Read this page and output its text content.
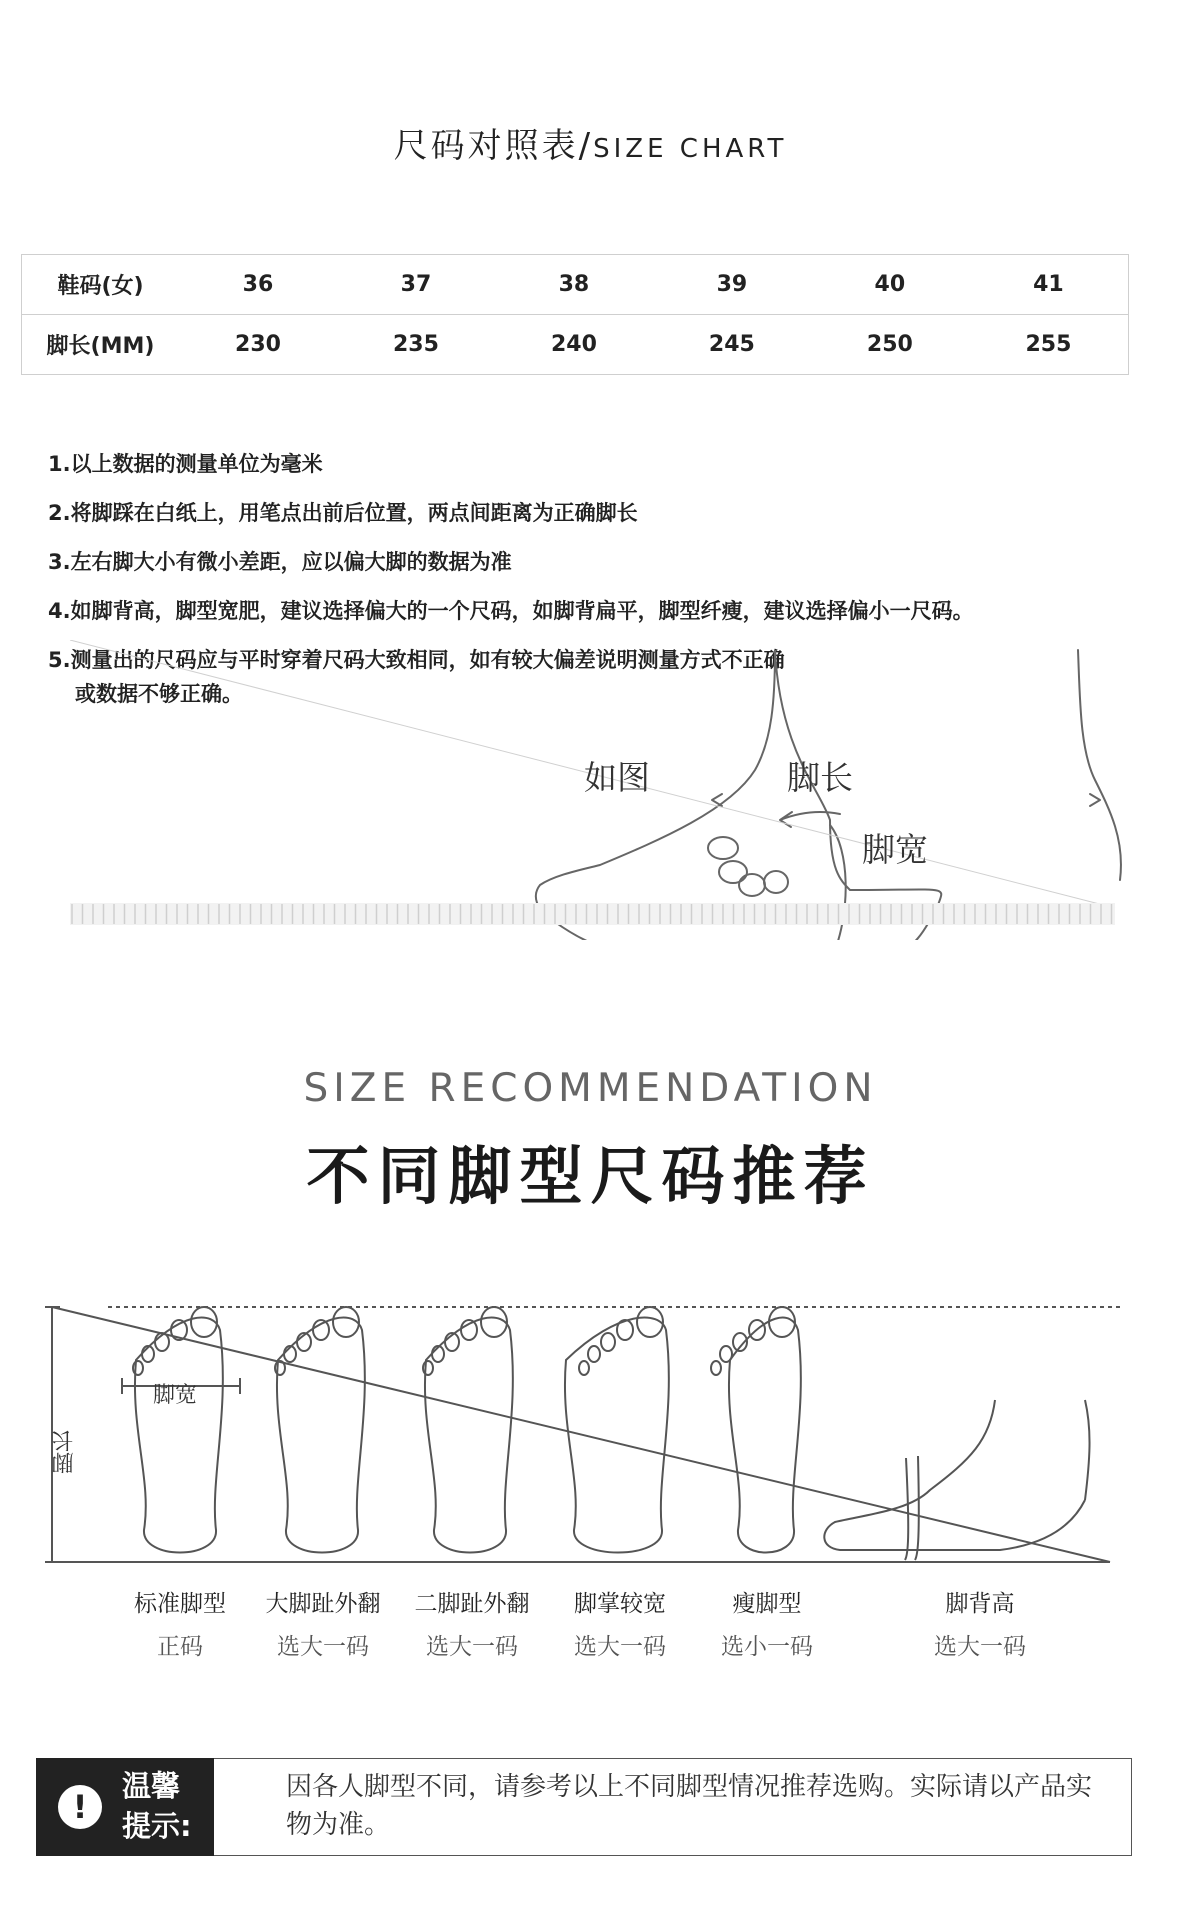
尺码对照表/SIZE CHART
鞋码(女)	36	37	38	39	40	41
脚长(MM)	230	235	240	245	250	255
1.以上数据的测量单位为毫米
2.将脚踩在白纸上，用笔点出前后位置，两点间距离为正确脚长
3.左右脚大小有微小差距，应以偏大脚的数据为准
4.如脚背高，脚型宽肥，建议选择偏大的一个尺码，如脚背扁平，脚型纤瘦，建议选择偏小一尺码。
5.测量出的尺码应与平时穿着尺码大致相同，如有较大偏差说明测量方式不正确
或数据不够正确。
如图	脚长
脚宽
SIZE RECOMMENDATION
不同脚型尺码推荐
脚宽
脚长
标准脚型
正码
大脚趾外翻
选大一码
二脚趾外翻
选大一码
脚掌较宽
选大一码
瘦脚型
选小一码
脚背高
选大一码
!
温馨
提示:
因各人脚型不同，请参考以上不同脚型情况推荐选购。实际请以产品实物为准。
